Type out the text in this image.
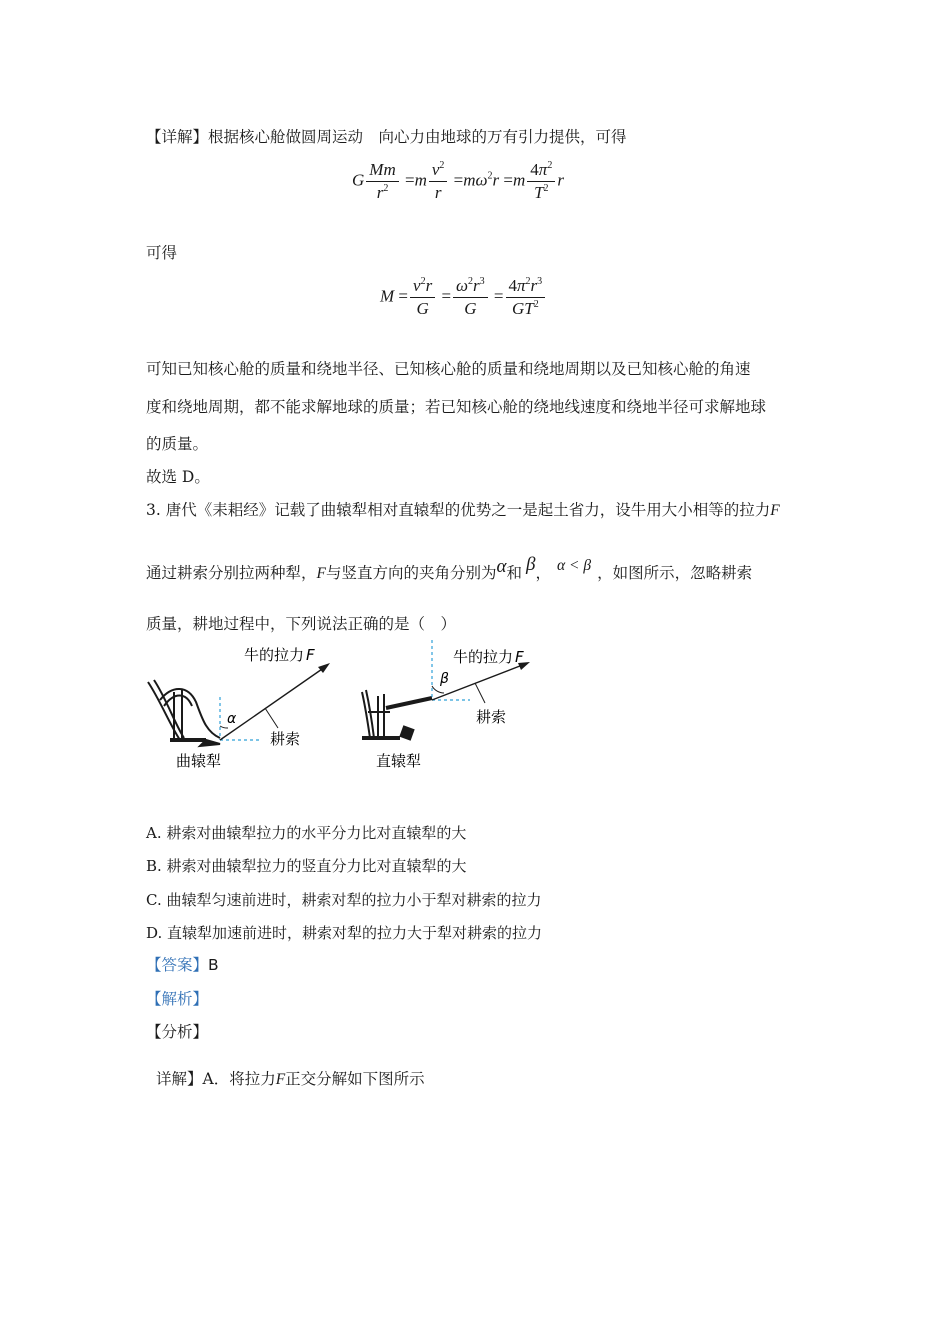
【详解】根据核心舱做圆周运动　向心力由地球的万有引力提供，可得
G $\frac{Mm}{r^2} =m \frac{v^2}{r} =m\omega^2r =m \frac{4\pi^2}{T^2}$ r
可得
$M = \frac{v^2r}{G} = \frac{\omega^2r^3}{G} = \frac{4\pi^2r^3}{GT^2}$
可知已知核心舱的质量和绕地半径、已知核心舱的质量和绕地周期以及已知核心舱的角速
度和绕地周期，都不能求解地球的质量；若已知核心舱的绕地线速度和绕地半径可求解地球
的质量。
故选 D。
3. 唐代《耒耜经》记载了曲辕犁相对直辕犁的优势之一是起土省力，设牛用大小相等的拉力F
通过耕索分别拉两种犁，F与竖直方向的夹角分别为α和 β， α < β ，如图所示，忽略耕索
质量，耕地过程中，下列说法正确的是（　）
α
牛的拉力 F
耕索
曲辕犁
β
牛的拉力 F
耕索
直辕犁
A. 耕索对曲辕犁拉力的水平分力比对直辕犁的大
B. 耕索对曲辕犁拉力的竖直分力比对直辕犁的大
C. 曲辕犁匀速前进时，耕索对犁的拉力小于犁对耕索的拉力
D. 直辕犁加速前进时，耕索对犁的拉力大于犁对耕索的拉力
【答案】B
【解析】
【分析】
详解】A．将拉力F正交分解如下图所示
